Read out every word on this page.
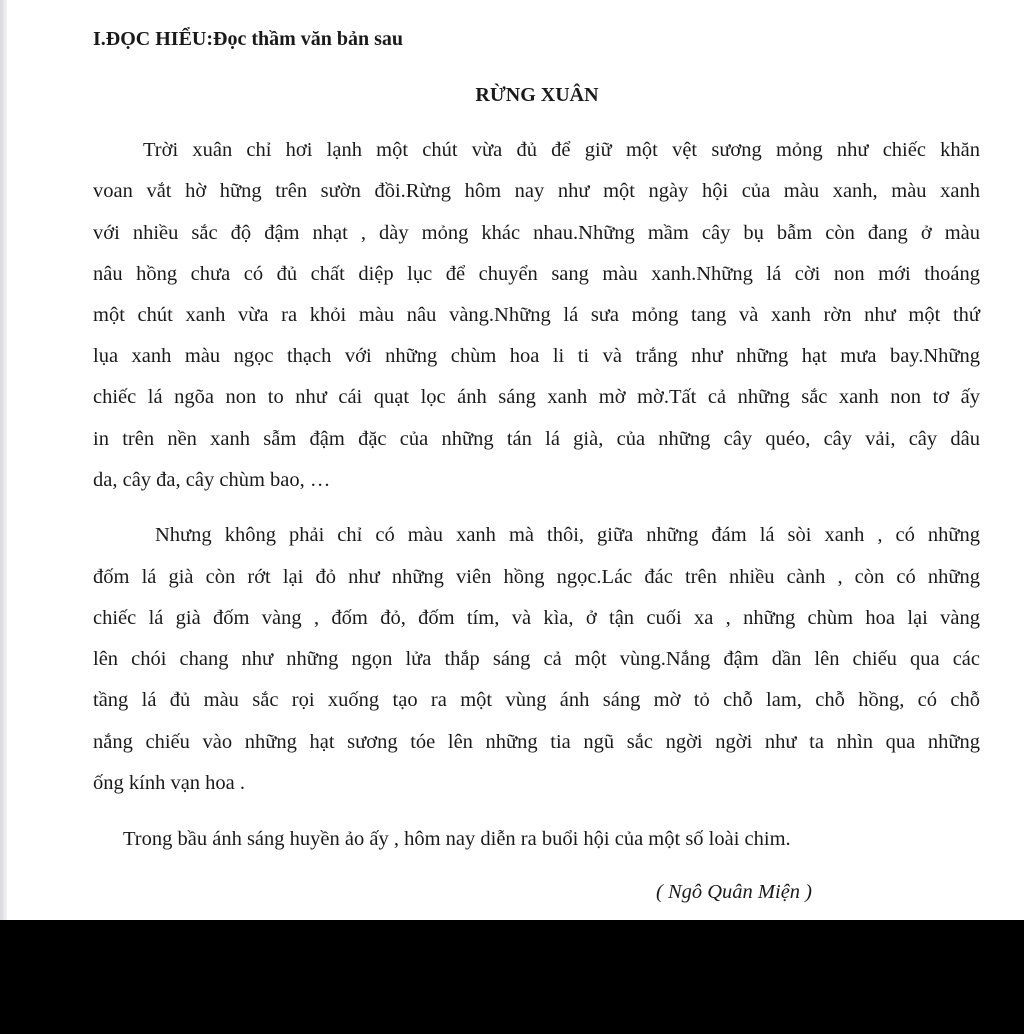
I.ĐỌC HIỂU:Đọc thầm văn bản sau

RỪNG XUÂN

Trời xuân chỉ hơi lạnh một chút vừa đủ để giữ một vệt sương mỏng như chiếc khăn

voan vắt hờ hững trên sườn đồi.Rừng hôm nay như một ngày hội của màu xanh, màu xanh

với nhiều sắc độ đậm nhạt , dày mỏng khác nhau.Những mầm cây bụ bẫm còn đang ở màu

nâu hồng chưa có đủ chất diệp lục để chuyển sang màu xanh.Những lá cời non mới thoáng

một chút xanh vừa ra khỏi màu nâu vàng.Những lá sưa mỏng tang và xanh rờn như một thứ

lụa xanh màu ngọc thạch với những chùm hoa li ti và trắng như những hạt mưa bay.Những

chiếc lá ngõa non to như cái quạt lọc ánh sáng xanh mờ mờ.Tất cả những sắc xanh non tơ ấy

in trên nền xanh sẫm đậm đặc của những tán lá già, của những cây quéo, cây vải, cây dâu

da, cây đa, cây chùm bao, …

Nhưng không phải chỉ có màu xanh mà thôi, giữa những đám lá sòi xanh , có những

đốm lá già còn rớt lại đỏ như những viên hồng ngọc.Lác đác trên nhiều cành , còn có những

chiếc lá già đốm vàng , đốm đỏ, đốm tím, và kìa, ở tận cuối xa , những chùm hoa lại vàng

lên chói chang như những ngọn lửa thắp sáng cả một vùng.Nắng đậm dần lên chiếu qua các

tầng lá đủ màu sắc rọi xuống tạo ra một vùng ánh sáng mờ tỏ chỗ lam, chỗ hồng, có chỗ

nắng chiếu vào những hạt sương tóe lên những tia ngũ sắc ngời ngời như ta nhìn qua những

ống kính vạn hoa .

Trong bầu ánh sáng huyền ảo ấy , hôm nay diễn ra buổi hội của một số loài chim.

( Ngô Quân Miện )
